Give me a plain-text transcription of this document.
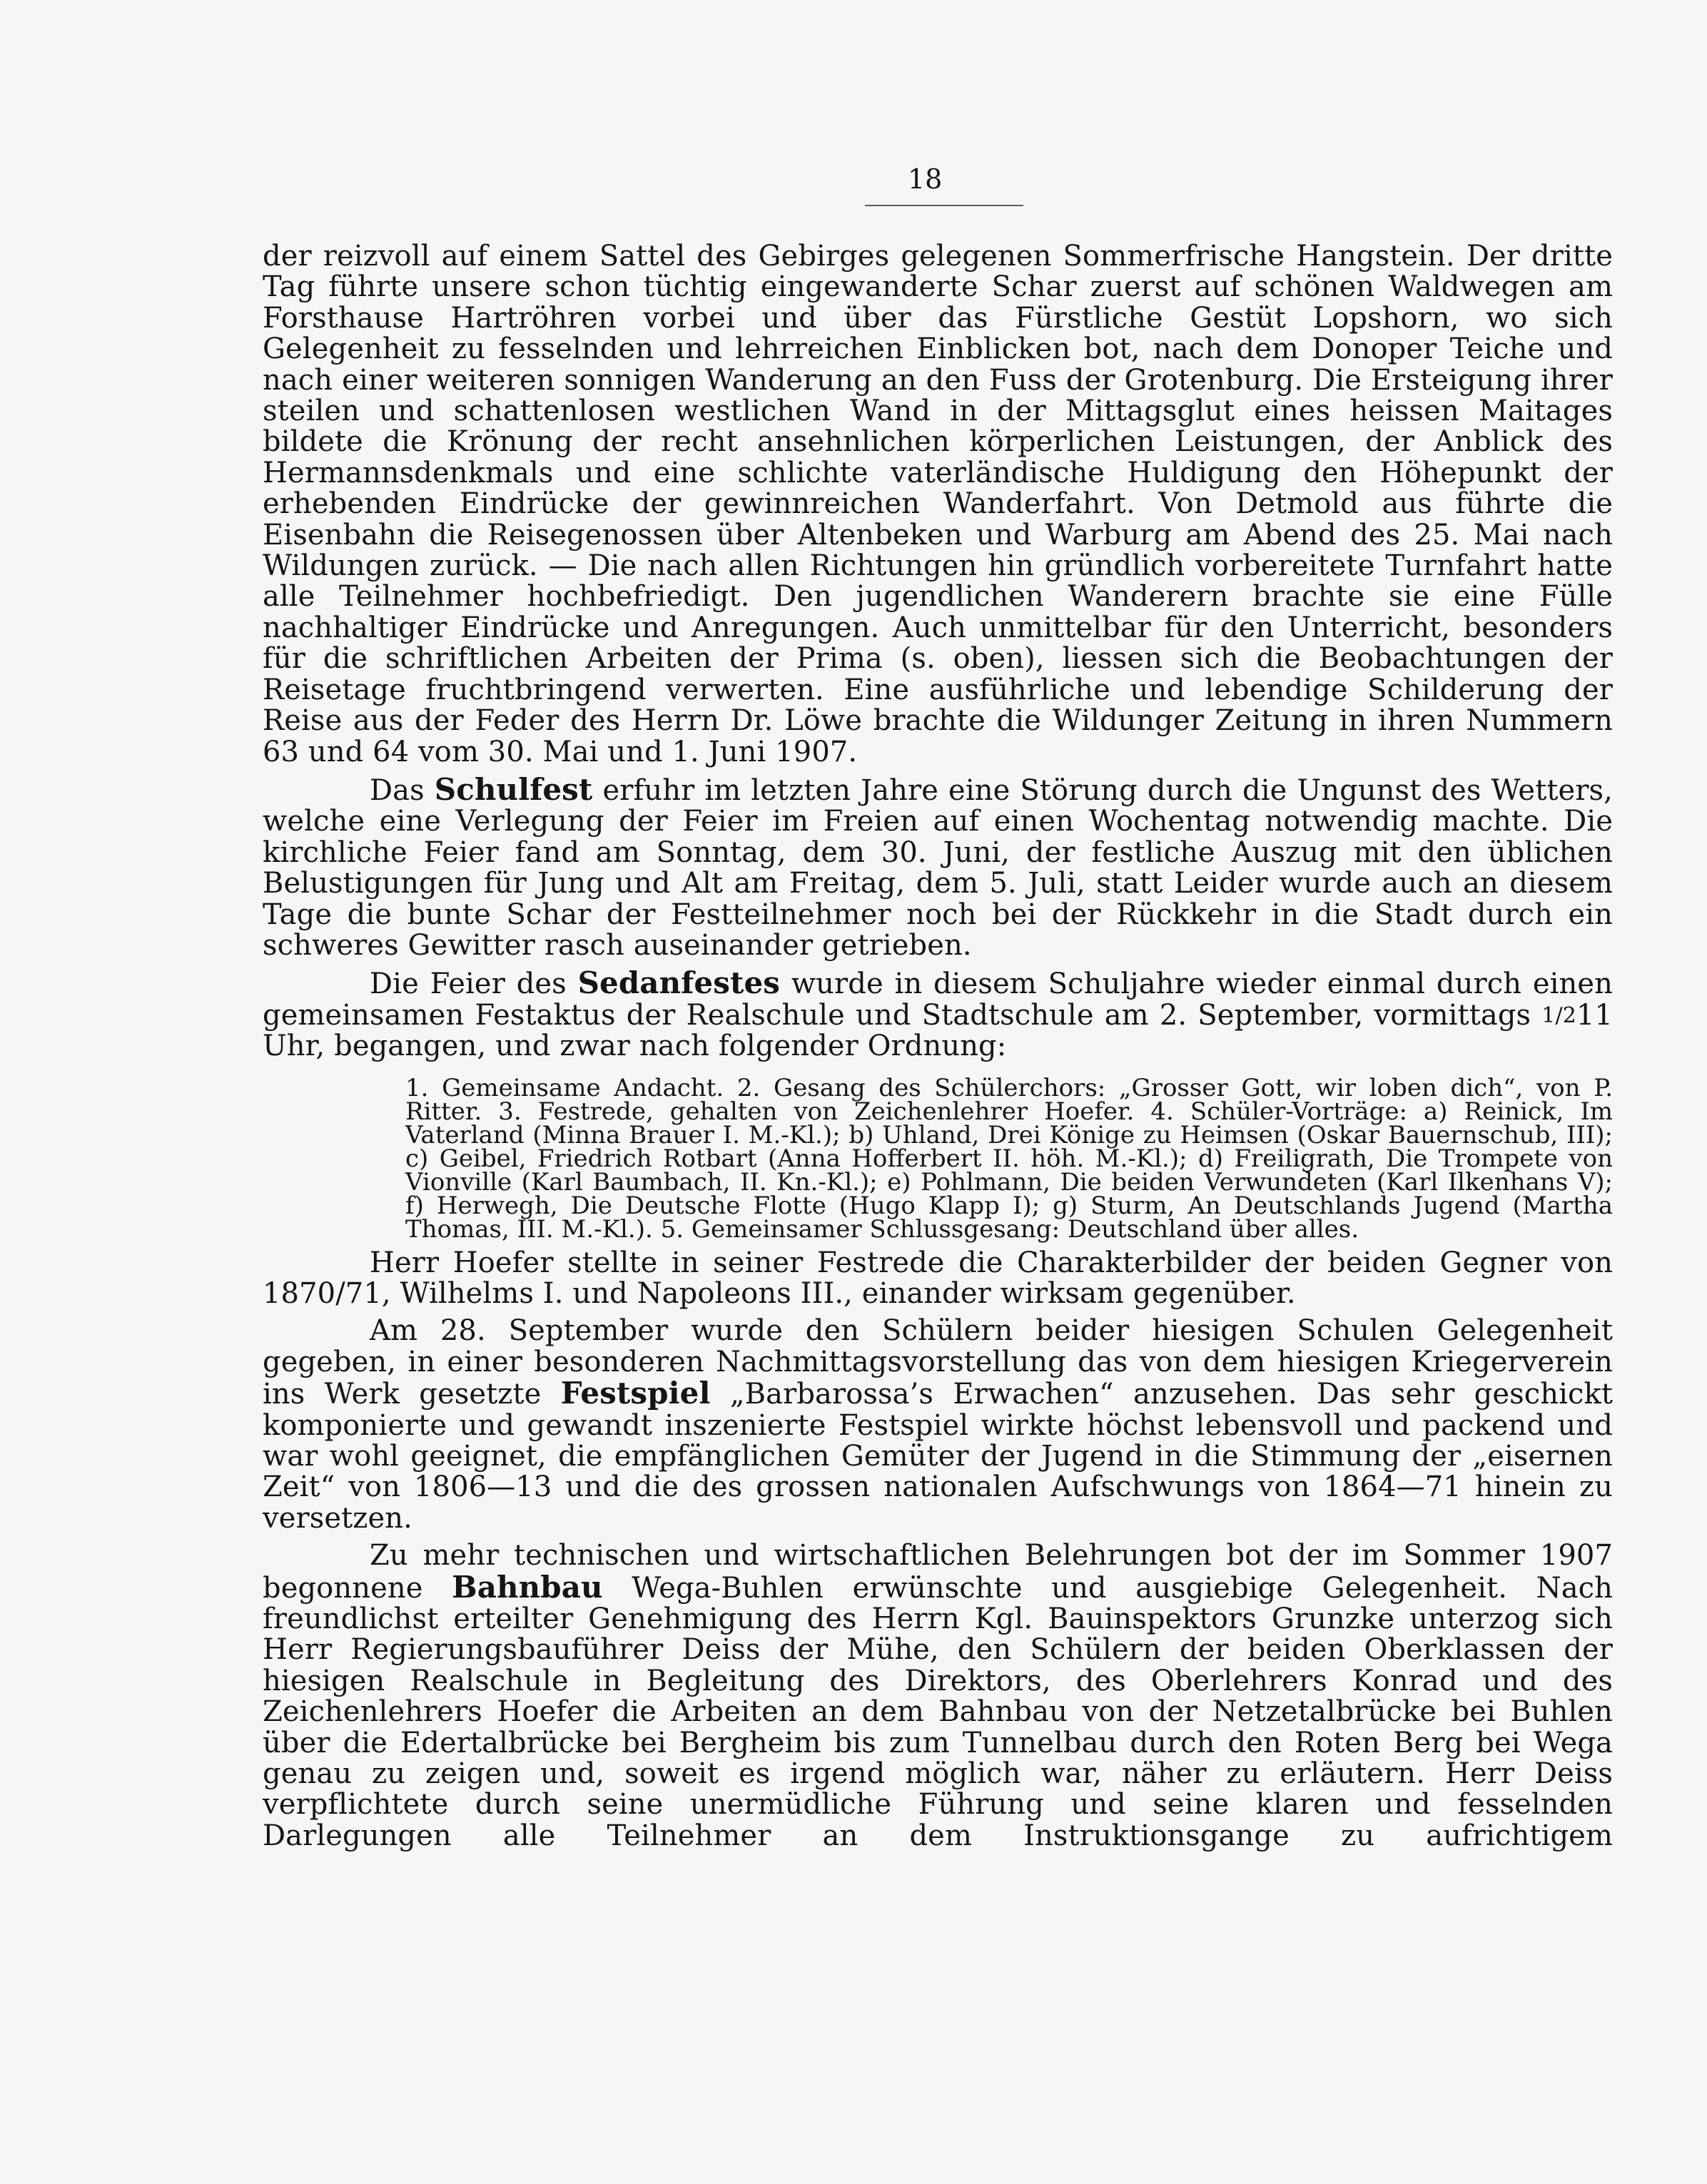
18

der reizvoll auf einem Sattel des Gebirges gelegenen Sommerfrische Hangstein. Der dritte Tag führte unsere schon tüchtig eingewanderte Schar zuerst auf schönen Waldwegen am Forsthause Hartröhren vorbei und über das Fürstliche Gestüt Lopshorn, wo sich Gelegenheit zu fesselnden und lehrreichen Einblicken bot, nach dem Donoper Teiche und nach einer weiteren sonnigen Wanderung an den Fuss der Grotenburg. Die Ersteigung ihrer steilen und schattenlosen westlichen Wand in der Mittagsglut eines heissen Maitages bildete die Krönung der recht ansehnlichen körperlichen Leistungen, der Anblick des Hermannsdenkmals und eine schlichte vaterländische Huldigung den Höhepunkt der erhebenden Eindrücke der gewinnreichen Wanderfahrt. Von Detmold aus führte die Eisenbahn die Reisegenossen über Altenbeken und Warburg am Abend des 25. Mai nach Wildungen zurück. — Die nach allen Richtungen hin gründlich vorbereitete Turnfahrt hatte alle Teilnehmer hochbefriedigt. Den jugendlichen Wanderern brachte sie eine Fülle nachhaltiger Eindrücke und Anregungen. Auch unmittelbar für den Unterricht, besonders für die schriftlichen Arbeiten der Prima (s. oben), liessen sich die Beobachtungen der Reisetage fruchtbringend verwerten. Eine ausführliche und lebendige Schilderung der Reise aus der Feder des Herrn Dr. Löwe brachte die Wildunger Zeitung in ihren Nummern 63 und 64 vom 30. Mai und 1. Juni 1907.

Das Schulfest erfuhr im letzten Jahre eine Störung durch die Ungunst des Wetters, welche eine Verlegung der Feier im Freien auf einen Wochentag notwendig machte. Die kirchliche Feier fand am Sonntag, dem 30. Juni, der festliche Auszug mit den üblichen Belustigungen für Jung und Alt am Freitag, dem 5. Juli, statt Leider wurde auch an diesem Tage die bunte Schar der Festteilnehmer noch bei der Rückkehr in die Stadt durch ein schweres Gewitter rasch auseinander getrieben.

Die Feier des Sedanfestes wurde in diesem Schuljahre wieder einmal durch einen gemeinsamen Festaktus der Realschule und Stadtschule am 2. September, vormittags 1/211 Uhr, begangen, und zwar nach folgender Ordnung:

1. Gemeinsame Andacht. 2. Gesang des Schülerchors: „Grosser Gott, wir loben dich“, von P. Ritter. 3. Festrede, gehalten von Zeichenlehrer Hoefer. 4. Schüler-Vorträge: a) Reinick, Im Vaterland (Minna Brauer I. M.-Kl.); b) Uhland, Drei Könige zu Heimsen (Oskar Bauernschub, III); c) Geibel, Friedrich Rotbart (Anna Hofferbert II. höh. M.-Kl.); d) Freiligrath, Die Trompete von Vionville (Karl Baumbach, II. Kn.-Kl.); e) Pohlmann, Die beiden Verwundeten (Karl Ilkenhans V); f) Herwegh, Die Deutsche Flotte (Hugo Klapp I); g) Sturm, An Deutschlands Jugend (Martha Thomas, III. M.-Kl.). 5. Gemeinsamer Schlussgesang: Deutschland über alles.

Herr Hoefer stellte in seiner Festrede die Charakterbilder der beiden Gegner von 1870/71, Wilhelms I. und Napoleons III., einander wirksam gegenüber.

Am 28. September wurde den Schülern beider hiesigen Schulen Gelegenheit gegeben, in einer besonderen Nachmittagsvorstellung das von dem hiesigen Kriegerverein ins Werk gesetzte Festspiel „Barbarossa’s Erwachen“ anzusehen. Das sehr geschickt komponierte und gewandt inszenierte Festspiel wirkte höchst lebensvoll und packend und war wohl geeignet, die empfänglichen Gemüter der Jugend in die Stimmung der „eisernen Zeit“ von 1806—13 und die des grossen nationalen Aufschwungs von 1864—71 hinein zu versetzen.

Zu mehr technischen und wirtschaftlichen Belehrungen bot der im Sommer 1907 begonnene Bahnbau Wega-Buhlen erwünschte und ausgiebige Gelegenheit. Nach freundlichst erteilter Genehmigung des Herrn Kgl. Bauinspektors Grunzke unterzog sich Herr Regierungsbauführer Deiss der Mühe, den Schülern der beiden Oberklassen der hiesigen Realschule in Begleitung des Direktors, des Oberlehrers Konrad und des Zeichenlehrers Hoefer die Arbeiten an dem Bahnbau von der Netzetalbrücke bei Buhlen über die Edertalbrücke bei Bergheim bis zum Tunnelbau durch den Roten Berg bei Wega genau zu zeigen und, soweit es irgend möglich war, näher zu erläutern. Herr Deiss verpflichtete durch seine unermüdliche Führung und seine klaren und fesselnden Darlegungen alle Teilnehmer an dem Instruktionsgange zu aufrichtigem
